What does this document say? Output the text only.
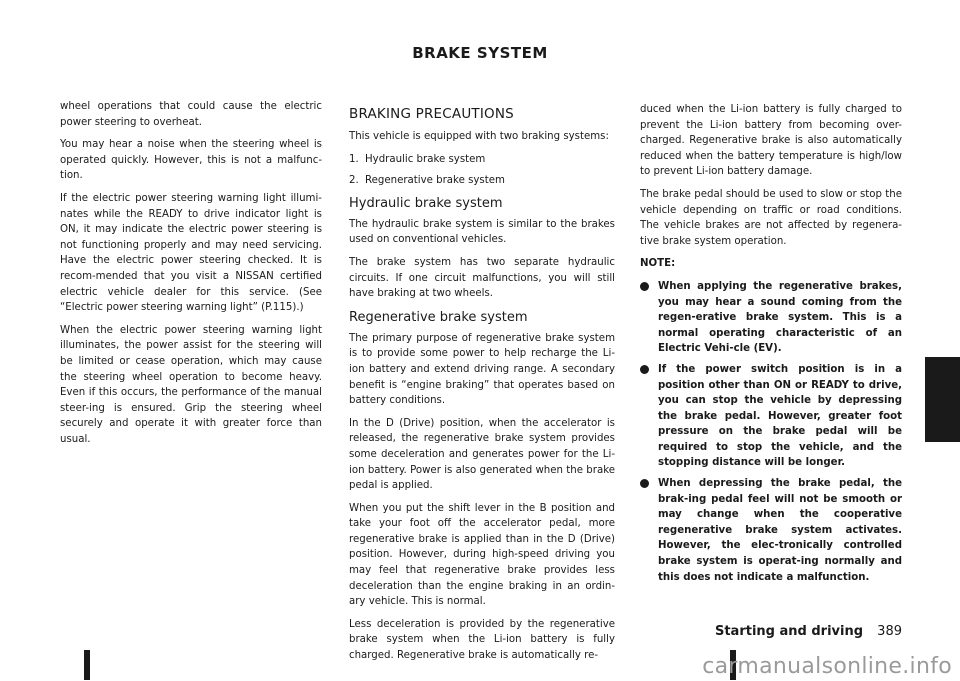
BRAKE SYSTEM

wheel operations that could cause the electric power steering to overheat.

You may hear a noise when the steering wheel is operated quickly. However, this is not a malfunc-tion.

If the electric power steering warning light illumi-nates while the READY to drive indicator light is ON, it may indicate the electric power steering is not functioning properly and may need servicing. Have the electric power steering checked. It is recom-mended that you visit a NISSAN certified electric vehicle dealer for this service. (See “Electric power steering warning light” (P.115).)

When the electric power steering warning light illuminates, the power assist for the steering will be limited or cease operation, which may cause the steering wheel operation to become heavy. Even if this occurs, the performance of the manual steer-ing is ensured. Grip the steering wheel securely and operate it with greater force than usual.

BRAKING PRECAUTIONS

This vehicle is equipped with two braking systems:

1. Hydraulic brake system
2. Regenerative brake system
Hydraulic brake system

The hydraulic brake system is similar to the brakes used on conventional vehicles.

The brake system has two separate hydraulic circuits. If one circuit malfunctions, you will still have braking at two wheels.

Regenerative brake system

The primary purpose of regenerative brake system is to provide some power to help recharge the Li-ion battery and extend driving range. A secondary benefit is “engine braking” that operates based on battery conditions.

In the D (Drive) position, when the accelerator is released, the regenerative brake system provides some deceleration and generates power for the Li-ion battery. Power is also generated when the brake pedal is applied.

When you put the shift lever in the B position and take your foot off the accelerator pedal, more regenerative brake is applied than in the D (Drive) position. However, during high-speed driving you may feel that regenerative brake provides less deceleration than the engine braking in an ordin-ary vehicle. This is normal.

Less deceleration is provided by the regenerative brake system when the Li-ion battery is fully charged. Regenerative brake is automatically re-

duced when the Li-ion battery is fully charged to prevent the Li-ion battery from becoming over-charged. Regenerative brake is also automatically reduced when the battery temperature is high/low to prevent Li-ion battery damage.

The brake pedal should be used to slow or stop the vehicle depending on traffic or road conditions. The vehicle brakes are not affected by regenera-tive brake system operation.

NOTE:

When applying the regenerative brakes, you may hear a sound coming from the regen-erative brake system. This is a normal operating characteristic of an Electric Vehi-cle (EV).
If the power switch position is in a position other than ON or READY to drive, you can stop the vehicle by depressing the brake pedal. However, greater foot pressure on the brake pedal will be required to stop the vehicle, and the stopping distance will be longer.
When depressing the brake pedal, the brak-ing pedal feel will not be smooth or may change when the cooperative regenerative brake system activates. However, the elec-tronically controlled brake system is operat-ing normally and this does not indicate a malfunction.
Starting and driving 389
carmanualsonline.info
